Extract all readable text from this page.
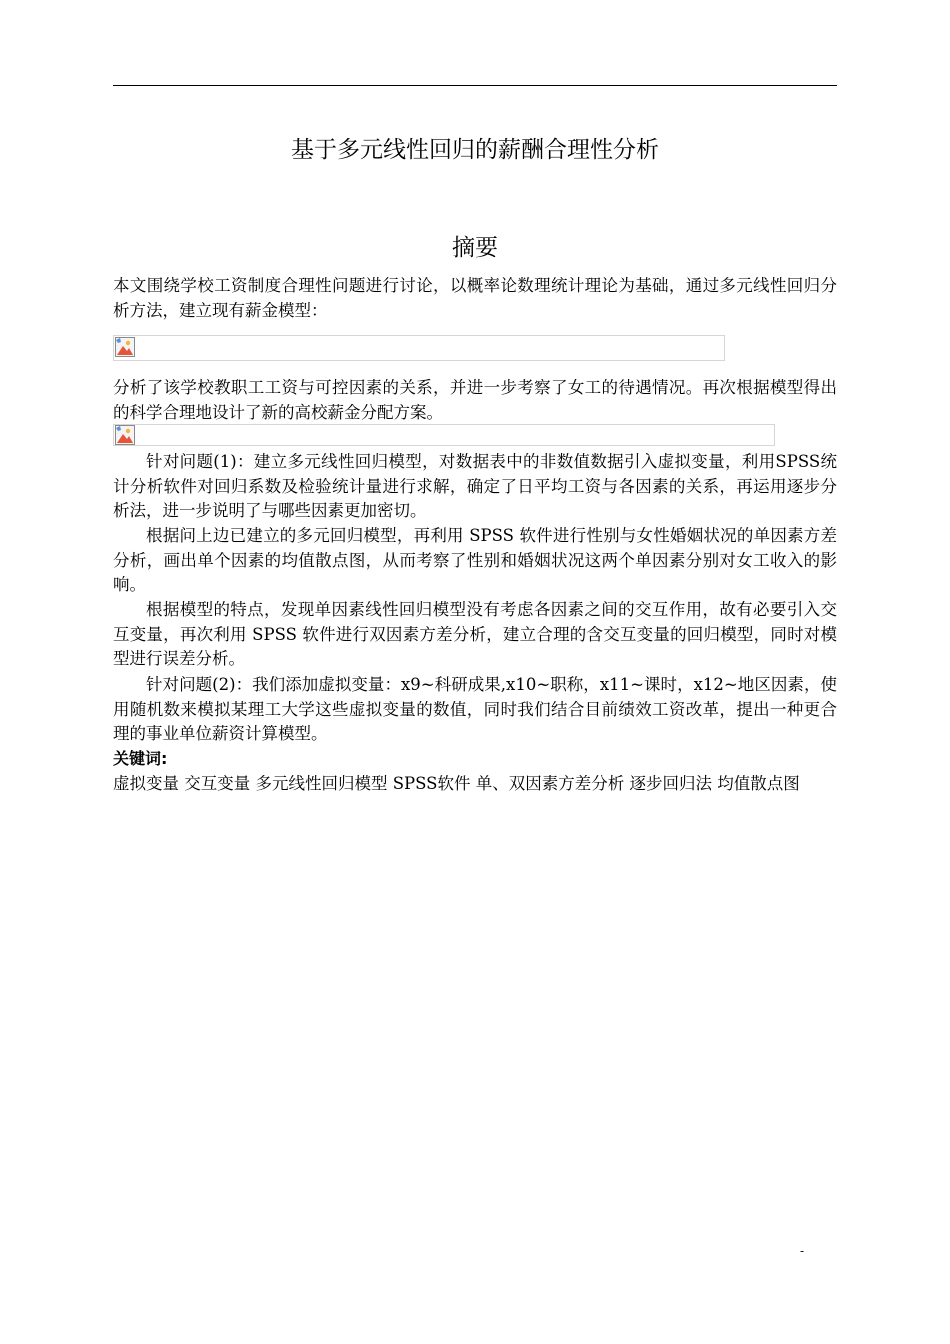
基于多元线性回归的薪酬合理性分析
摘要

本文围绕学校工资制度合理性问题进行讨论，以概率论数理统计理论为基础，通过多元线性回归分析方法，建立现有薪金模型：

分析了该学校教职工工资与可控因素的关系，并进一步考察了女工的待遇情况。再次根据模型得出的科学合理地设计了新的高校薪金分配方案。

针对问题(1)：建立多元线性回归模型，对数据表中的非数值数据引入虚拟变量，利用SPSS统计分析软件对回归系数及检验统计量进行求解，确定了日平均工资与各因素的关系，再运用逐步分析法，进一步说明了与哪些因素更加密切。

根据问上边已建立的多元回归模型，再利用 SPSS 软件进行性别与女性婚姻状况的单因素方差分析，画出单个因素的均值散点图，从而考察了性别和婚姻状况这两个单因素分别对女工收入的影响。

根据模型的特点，发现单因素线性回归模型没有考虑各因素之间的交互作用，故有必要引入交互变量，再次利用 SPSS 软件进行双因素方差分析，建立合理的含交互变量的回归模型，同时对模型进行误差分析。

针对问题(2)：我们添加虚拟变量：x9~科研成果,x10~职称，x11~课时，x12~地区因素，使用随机数来模拟某理工大学这些虚拟变量的数值，同时我们结合目前绩效工资改革，提出一种更合理的事业单位薪资计算模型。

关键词:

虚拟变量 交互变量 多元线性回归模型 SPSS软件 单、双因素方差分析 逐步回归法 均值散点图

-
